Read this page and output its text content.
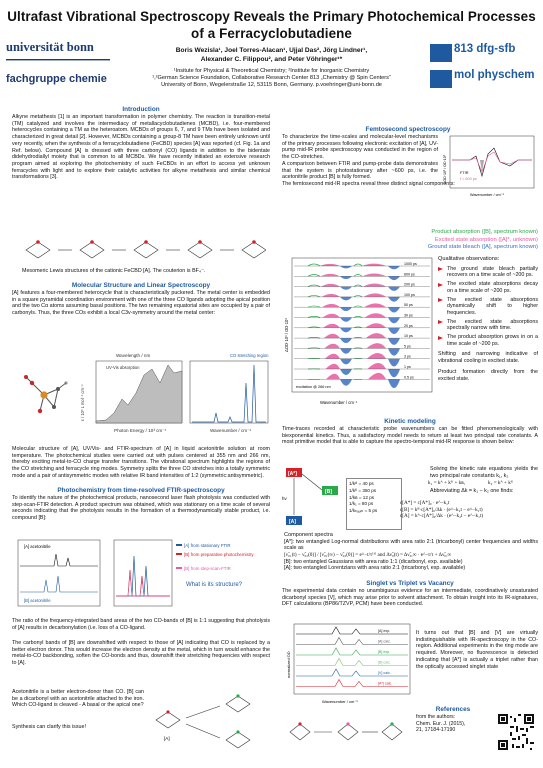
Ultrafast Vibrational Spectroscopy Reveals the Primary Photochemical Processes of a Ferracyclobutadiene
universität bonn
fachgruppe chemie
813 dfg-sfb
mol physchem
Boris Wezisla¹, Joel Torres-Alacan¹, Ujjal Das², Jörg Lindner¹,
Alexander C. Filippou², and Peter Vöhringer¹*
¹Insitute for Physical & Theoretical Chemistry; ²Institute for Inorganic Chemistry
¹,²German Science Foundation, Collaborative Research Center 813 „Chemistry @ Spin Centers“
University of Bonn, Wegelerstraße 12, 53115 Bonn, Germany. p.voehringer@uni-bonn.de
Introduction
Alkyne metathesis [1] is an important transformation in polymer chemistry. The reaction is transition-metal (TM) catalyzed and involves the intermediacy of metallacyclobutadienes (MCBD), i.e. four-membered heterocycles containing a TM as the heteroatom. MCBDs of groups 6, 7, and 9 TMs have been isolated and characterized in great detail [2]. However, MCBDs containing a group-8 TM have been entirely unknown until very recently, when the synthesis of a ferracyclobutadiene (FeCBD) species [A] was reported (cf. Fig. 1a and Ref. below). Compound [A] is dressed with three carbonyl (CO) ligands in addition to the bidentate didehydrodiallyl moiety that is common to all MCBDs. We have recently initiated an extensive research program aimed at exploring the photochemistry of such FeCBDs in an effort to access yet unknown ferracycles with light and to explore their catalytic activities for alkyne metathesis and similar chemical transformations [3].
Mesomeric Lewis structures of the cationic FeCBD [A]. The couterion is BF₄⁻.
Molecular Structure and Linear Spectroscopy
[A] features a four-membered heterocycle that is characteristically puckered. The metal center is embedded in a square pyramidal coordination environment with one of the three CO ligands adopting the apical position and the two Cα atoms assuming basal positions. The two remaining equatorial sites are occupied by a pair of carbonyls. Thus, the three COs exhibit a local C3v-symmetry around the metal center:
Wavelength / nm
Photon Energy / 10³ cm⁻¹
UV-Vis absorption
ε / 10³ L mol⁻¹ cm⁻¹
CO stretching region
Wavenumber / cm⁻¹
Molecular structure of [A], UV/Vis- and FTIR-spectrum of [A] in liquid acetonitrile solution at room temperature. The photochemical studies were carried out with pulses centered at 355 nm and 266 nm, thereby exciting metal-to-CO charge transfer transitions. The vibrational spectrum highlights the regions of the CO stretching and ferracycle ring modes. Symmetry splits the three CO stretches into a totally symmetric mode and a pair of antisymmetric modes with relative IR band intensities of 1:2 (symmetric:antisymmetric).
Photochemistry from time-resolved FTIR-spectroscopy
To identify the nature of the photochemical products, nanosecond laser flash photolysis was conducted with step-scan-FTIR detection. A product spectrum was obtained, which was stationary on a time scale of several seconds indicating that the photolysis results in the formation of a thermodynamically stable product, i.e. compound [B]:
[A] acetonitrile
[B] acetonitrile
[A] from stationary FTIR
[B] from preparative photochemistry
[B] from step-scan-FTIR
What is its structure?
The ratio of the frequency-integrated band areas of the two CO-bands of [B] is 1:1 suggesting that photolysis of [A] results in decarbonylation (i.e. loss of a CO-ligand.
The carbonyl bands of [B] are downshifted with respect to those of [A] indicating that CO is replaced by a better electron donor. This would increase the electron density at the metal, which in turn would enhance the metal-to-CO backbonding, soften the CO-bonds and thus, downshift their stretching frequencies with respect to [A].
Acetonitrile is a better electron-donor than CO. [B] can be a dicarbonyl with an acetonitrile attached to the iron. Which CO-ligand is cleaved - A basal or the apical one?
Synthesis can clarify this issue!
[A]
Femtosecond spectroscopy
To characterize the time-scales and molecular-level mechanisms of the primary processes following electronic excitation of [A], UV-pump mid-IR probe spectroscopy was conducted in the region of the CO-stretches.
A comparison between FTIR and pump-probe data demonstrates that the system is photostationary after ~600 ps, i.e. the acetonitrile product [B] is fully formed.
The femtosecond mid-IR spectra reveal three distinct signal components:
FTIR
t = 600 ps
Wavenumber / cm⁻¹
ΔOD·10³ / OD·10³
Product absorption ([B], spectrum known)
Excited state absorption ([A]*, unknown)
Ground state bleach ([A], spectrum known)
1000 ps
600 ps
200 ps
100 ps
50 ps
30 ps
20 ps
10 ps
5 ps
3 ps
1 ps
0.5 ps
Wavenumber / cm⁻¹
ΔOD·10³ / OD·10³
excitation @ 266 nm
Qualitative observations:
The ground state bleach partially recovers on a time scale of ~200 ps.
The excited state absorptions decay on a time scale of ~200 ps.
The excited state absorptions dynamically shift to higher frequencies.
The excited state absorptions spectrally narrow with time.
The product absorption grows in on a time scale of ~200 ps.
Shifting and narrowing indicative of vibrational cooling in excited state.
Product formation directly from the excited state.
Kinetic modeling
Time-traces recorded at characteristic probe wavenumbers can be fitted phenomenologically with biexponential kinetics. Thus, a satisfactory model needs to return at least two principal rate constants. A most primitive model that is able to capture the spectro-temporal mid-IR response is shown below:
Solving the kinetic rate equations yields the two principal rate constants k₁, k₂
k₁ = kᴬ + kᴷ + kʙ,	k₂ = kᴬ + kᴷ
Abbreviating Δk = k₁ − k₂ one finds:
[A*]
[B]
[A]
hν
1/kᴬ = 40 ps
1/kᴷ = 350 ps
1/kʙ = 12 ps
1/k₁ = 80 ps
1/kₕₐᵤₘ = 5 ps
c[A*] = c[A*]₀ · e^−k₁t
c[B] = kᴮ·c[A*]₀/Δk · (e^−k₂t − e^−k₁t)
c[A] = kᴬ·c[A*]₀/Δk · (e^−k₂t − e^−k₁t)
Component spectra
[A*]: two entangled Log-normal distributions with area ratio 2:1 (tricarbonyl) center frequencies and widths scale as
[ν̃₀₁(t) − ν̃₀₂(0)] / [ν̃₀₁(∞) − ν̃₀₂(0)] = e^−t/τ⁽¹⁾ and Δν̃₀(t) = Δν̃₀,∞ · e^−t/τ + Δν̃₀,∞
[B]: two entangled Gaussians with area ratio 1:1 (dicarbonyl, exp. available)
[A]: two entangled Lorentzians with area ratio 2:1 (tricarbonyl, exp. available)
Singlet vs Triplet vs Vacancy
The experimental data contain no unambiguous evidence for an intermediate, coordinatively unsaturated dicarbonyl species [V], which may arise prior to solvent attachment. To obtain insight into its IR-signatures, DFT calculations (BP86/TZVP, PCM) have been conducted.
[A] exp.
[A] calc.
[B] exp.
[B] calc.
[V] calc.
[A*] calc.
Wavenumber / cm⁻¹
normalized OD
It turns out that [B] and [V] are virtually indistinguishable with IR-spectroscopy in the CO-region. Additional experiments in the ring mode are required. Moreover, no fluorescence is detected indicating that [A*] is actually a triplet rather than the optically accessed singlet state
References
from the authors:
Chem. Eur. J. (2015),
21, 17184-17190
